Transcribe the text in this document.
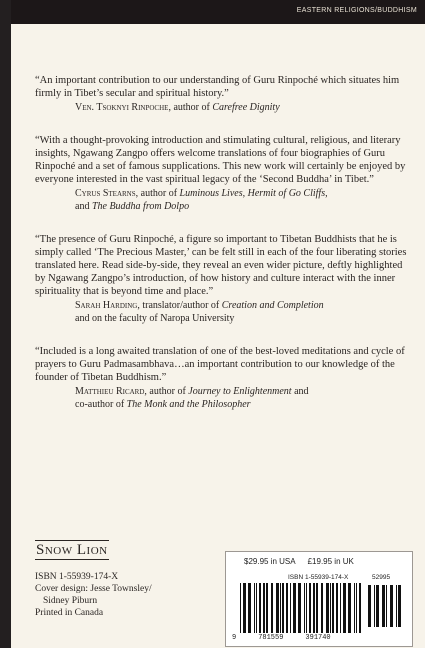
EASTERN RELIGIONS/BUDDHISM

“An important contribution to our understanding of Guru Rinpoché which situates him firmly in Tibet’s secular and spiritual history.”

Ven. Tsoknyi Rinpoche, author of Carefree Dignity

“With a thought-provoking introduction and stimulating cultural, religious, and literary insights, Ngawang Zangpo offers welcome translations of four biographies of Guru Rinpoché and a set of famous supplications. This new work will certainly be enjoyed by everyone interested in the vast spiritual legacy of the ‘Second Buddha’ in Tibet.”

Cyrus Stearns, author of Luminous Lives, Hermit of Go Cliffs,
and The Buddha from Dolpo

“The presence of Guru Rinpoché, a figure so important to Tibetan Buddhists that he is simply called ‘The Precious Master,’ can be felt still in each of the four liberating stories translated here. Read side-by-side, they reveal an even wider picture, deftly highlighted by Ngawang Zangpo’s introduction, of how history and culture interact with the inner spirituality that is beyond time and place.”

Sarah Harding, translator/author of Creation and Completion
and on the faculty of Naropa University

“Included is a long awaited translation of one of the best-loved meditations and cycle of prayers to Guru Padmasambhava…an important contribution to our knowledge of the founder of Tibetan Buddhism.”

Matthieu Ricard, author of Journey to Enlightenment and
co-author of The Monk and the Philosopher

Snow Lion
ISBN 1-55939-174-X
Cover design: Jesse Townsley/
Sidney Piburn
Printed in Canada
$29.95 in USA £19.95 in UK
ISBN 1-55939-174-X	52995
9	781559	391740
